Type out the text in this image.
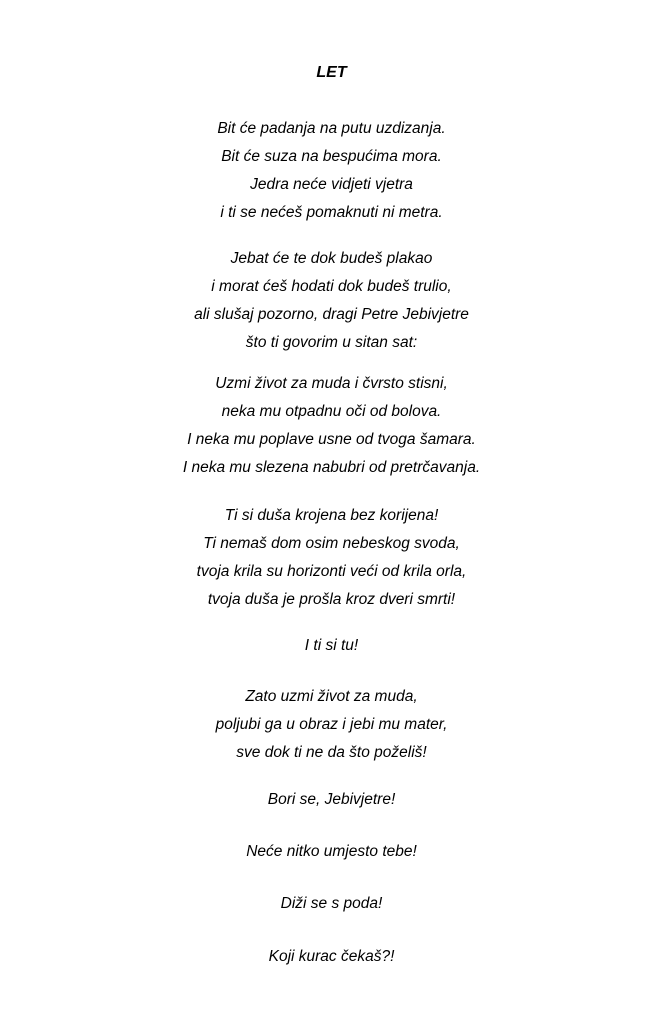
LET
Bit će padanja na putu uzdizanja.
Bit će suza na bespućima mora.
Jedra neće vidjeti vjetra
i ti se nećeš pomaknuti ni metra.
Jebat će te dok budeš plakao
i morat ćeš hodati dok budeš trulio,
ali slušaj pozorno, dragi Petre Jebivjetre
što ti govorim u sitan sat:
Uzmi život za muda i čvrsto stisni,
neka mu otpadnu oči od bolova.
I neka mu poplave usne od tvoga šamara.
I neka mu slezena nabubri od pretrčavanja.
Ti si duša krojena bez korijena!
Ti nemaš dom osim nebeskog svoda,
tvoja krila su horizonti veći od krila orla,
tvoja duša je prošla kroz dveri smrti!
I ti si tu!
Zato uzmi život za muda,
poljubi ga u obraz i jebi mu mater,
sve dok ti ne da što poželiš!
Bori se, Jebivjetre!
Neće nitko umjesto tebe!
Diži se s poda!
Koji kurac čekaš?!
